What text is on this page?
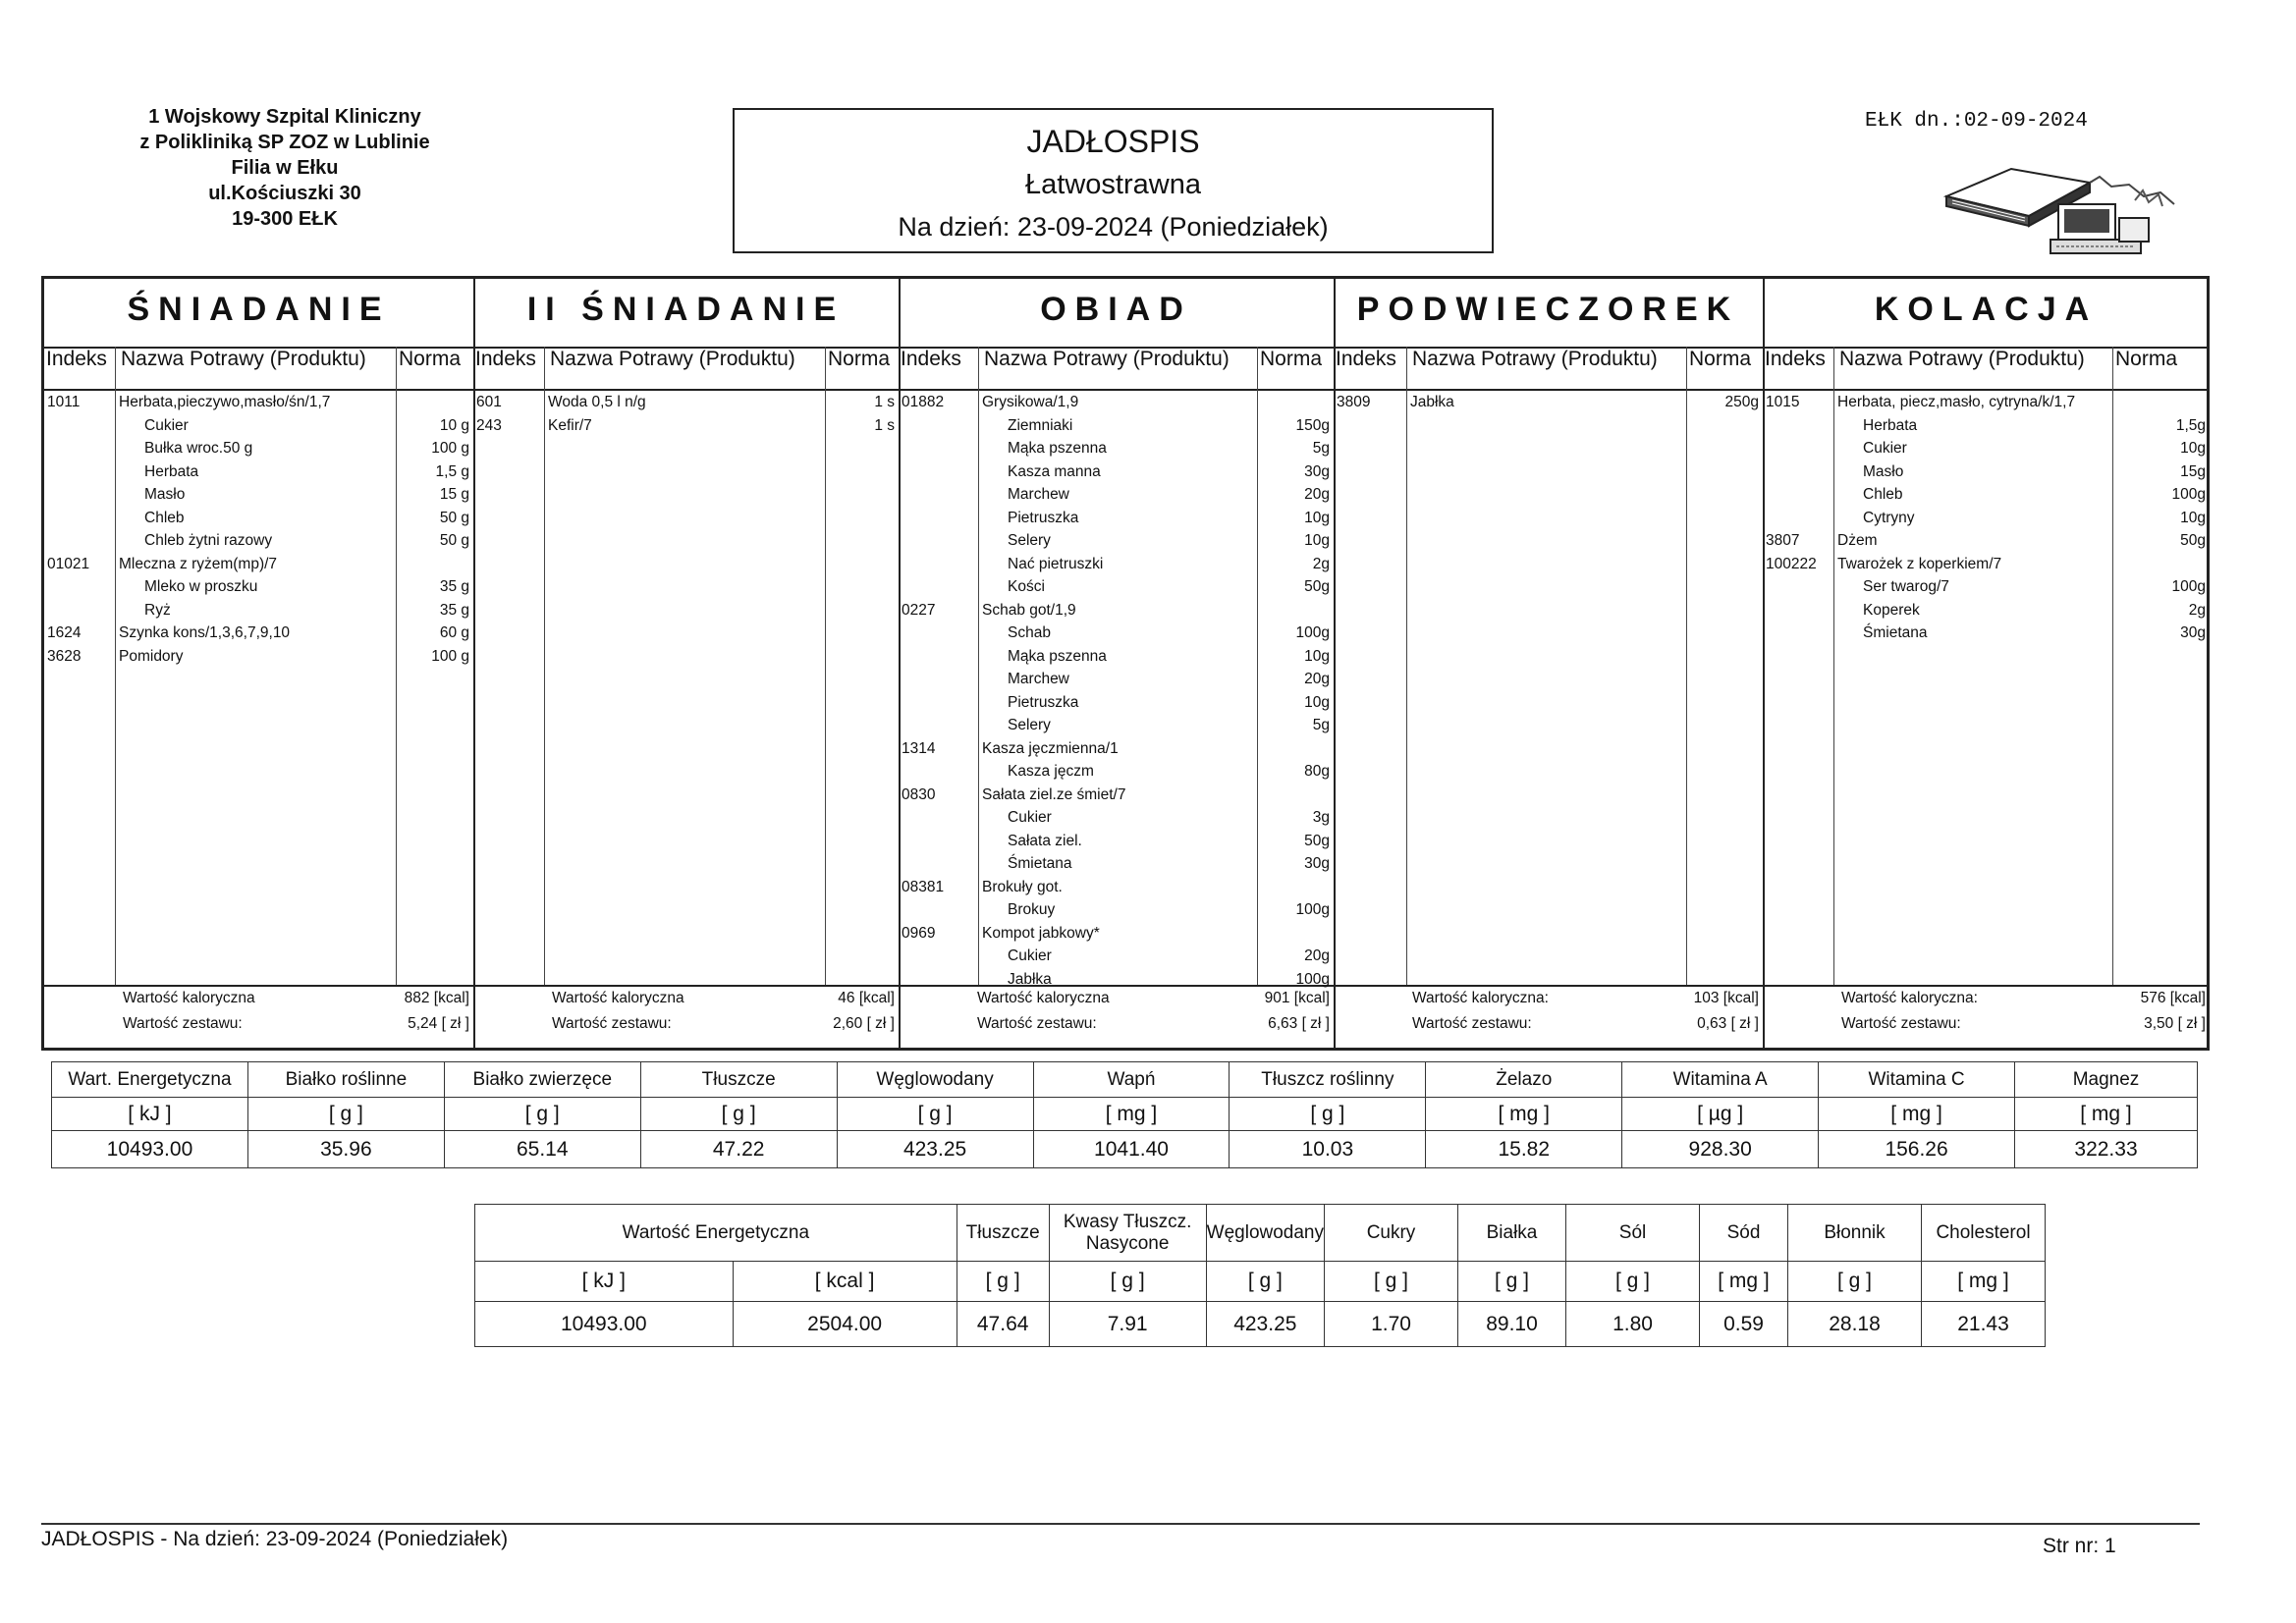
1 Wojskowy Szpital Kliniczny
z Polikliniką SP ZOZ w Lublinie
Filia w Ełku
ul.Kościuszki 30
19-300 EŁK
JADŁOSPIS
Łatwostrawna
Na dzień: 23-09-2024 (Poniedziałek)
EŁK dn.:02-09-2024
ŚNIADANIE
Indeks Nazwa Potrawy (Produktu) Norma
1011	Herbata,pieczywo,masło/śn/1,7
Cukier	10 g
Bułka wroc.50 g	100 g
Herbata	1,5 g
Masło	15 g
Chleb	50 g
Chleb żytni razowy	50 g
01021 Mleczna z ryżem(mp)/7
Mleko w proszku	35 g
Ryż	35 g
1624 Szynka kons/1,3,6,7,9,10	60 g
3628 Pomidory	100 g
Wartość kaloryczna	882 [kcal]
Wartość zestawu:	5,24 [ zł ]
II ŚNIADANIE
Indeks Nazwa Potrawy (Produktu) Norma
601	Woda 0,5 l n/g	1 s
243	Kefir/7	1 s
Wartość kaloryczna	46 [kcal]
Wartość zestawu:	2,60 [ zł ]
OBIAD
Indeks Nazwa Potrawy (Produktu) Norma
01882	Grysikowa/1,9
Ziemniaki	150g
Mąka pszenna	5g
Kasza manna	30g
Marchew	20g
Pietruszka	10g
Selery	10g
Nać pietruszki	2g
Kości	50g
0227	Schab got/1,9
Schab	100g
Mąka pszenna	10g
Marchew	20g
Pietruszka	10g
Selery	5g
1314	Kasza jęczmienna/1
Kasza jęczm	80g
0830	Sałata ziel.ze śmiet/7
Cukier	3g
Sałata ziel.	50g
Śmietana	30g
08381	Brokuły got.
Brokuy	100g
0969	Kompot jabkowy*
Cukier	20g
Jabłka	100g
Wartość kaloryczna	901 [kcal]
Wartość zestawu:	6,63 [ zł ]
PODWIECZOREK
Indeks Nazwa Potrawy (Produktu) Norma
3809	Jabłka	250g
Wartość kaloryczna:	103 [kcal]
Wartość zestawu:	0,63 [ zł ]
KOLACJA
Indeks Nazwa Potrawy (Produktu) Norma
1015 Herbata, piecz,masło, cytryna/k/1,7
Herbata	1,5g
Cukier	10g
Masło	15g
Chleb	100g
Cytryny	10g
3807 Dżem	50g
100222 Twarożek z koperkiem/7
Ser twarog/7	100g
Koperek	2g
Śmietana	30g
Wartość kaloryczna:	576 [kcal]
Wartość zestawu:	3,50 [ zł ]
Wart. Energetyczna	Białko roślinne	Białko zwierzęce	Tłuszcze	Węglowodany	Wapń	Tłuszcz roślinny	Żelazo	Witamina A	Witamina C	Magnez
[ kJ ]	[ g ]	[ g ]	[ g ]	[ g ]	[ mg ]	[ g ]	[ mg ]	[ µg ]	[ mg ]	[ mg ]
10493.00	35.96	65.14	47.22	423.25	1041.40	10.03	15.82	928.30	156.26	322.33
Wartość Energetyczna		Tłuszcze	Kwasy Tłuszcz. Nasycone	Węglowodany	Cukry	Białka	Sól	Sód	Błonnik	Cholesterol
[ kJ ]	[ kcal ]	[ g ]	[ g ]	[ g ]	[ g ]	[ g ]	[ g ]	[ mg ]	[ g ]	[ mg ]
10493.00	2504.00	47.64	7.91	423.25	1.70	89.10	1.80	0.59	28.18	21.43
JADŁOSPIS - Na dzień: 23-09-2024 (Poniedziałek)	Str nr: 1
